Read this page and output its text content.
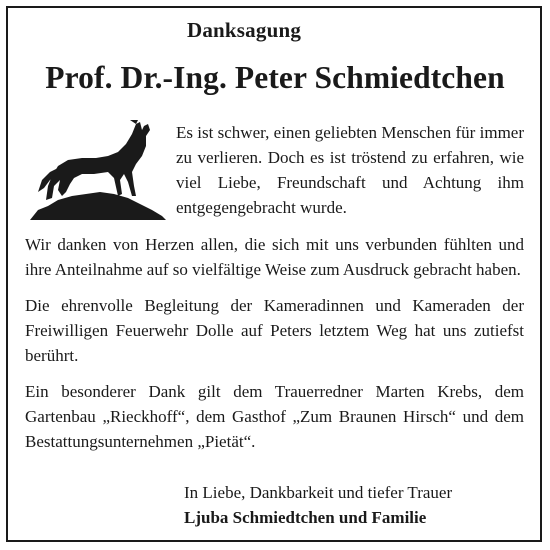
Danksagung
Prof. Dr.-Ing. Peter Schmiedtchen
Es ist schwer, einen geliebten Menschen für immer zu verlieren. Doch es ist tröstend zu erfahren, wie viel Liebe, Freundschaft und Achtung ihm entgegengebracht wurde.
Wir danken von Herzen allen, die sich mit uns verbunden fühlten und ihre Anteilnahme auf so vielfältige Weise zum Ausdruck gebracht haben.
Die ehrenvolle Begleitung der Kameradinnen und Kameraden der Freiwilligen Feuerwehr Dolle auf Peters letztem Weg hat uns zutiefst berührt.
Ein besonderer Dank gilt dem Trauerredner Marten Krebs, dem Gartenbau „Rieckhoff“, dem Gasthof „Zum Braunen Hirsch“ und dem Bestattungsunternehmen „Pietät“.
In Liebe, Dankbarkeit und tiefer Trauer
Ljuba Schmiedtchen und Familie
